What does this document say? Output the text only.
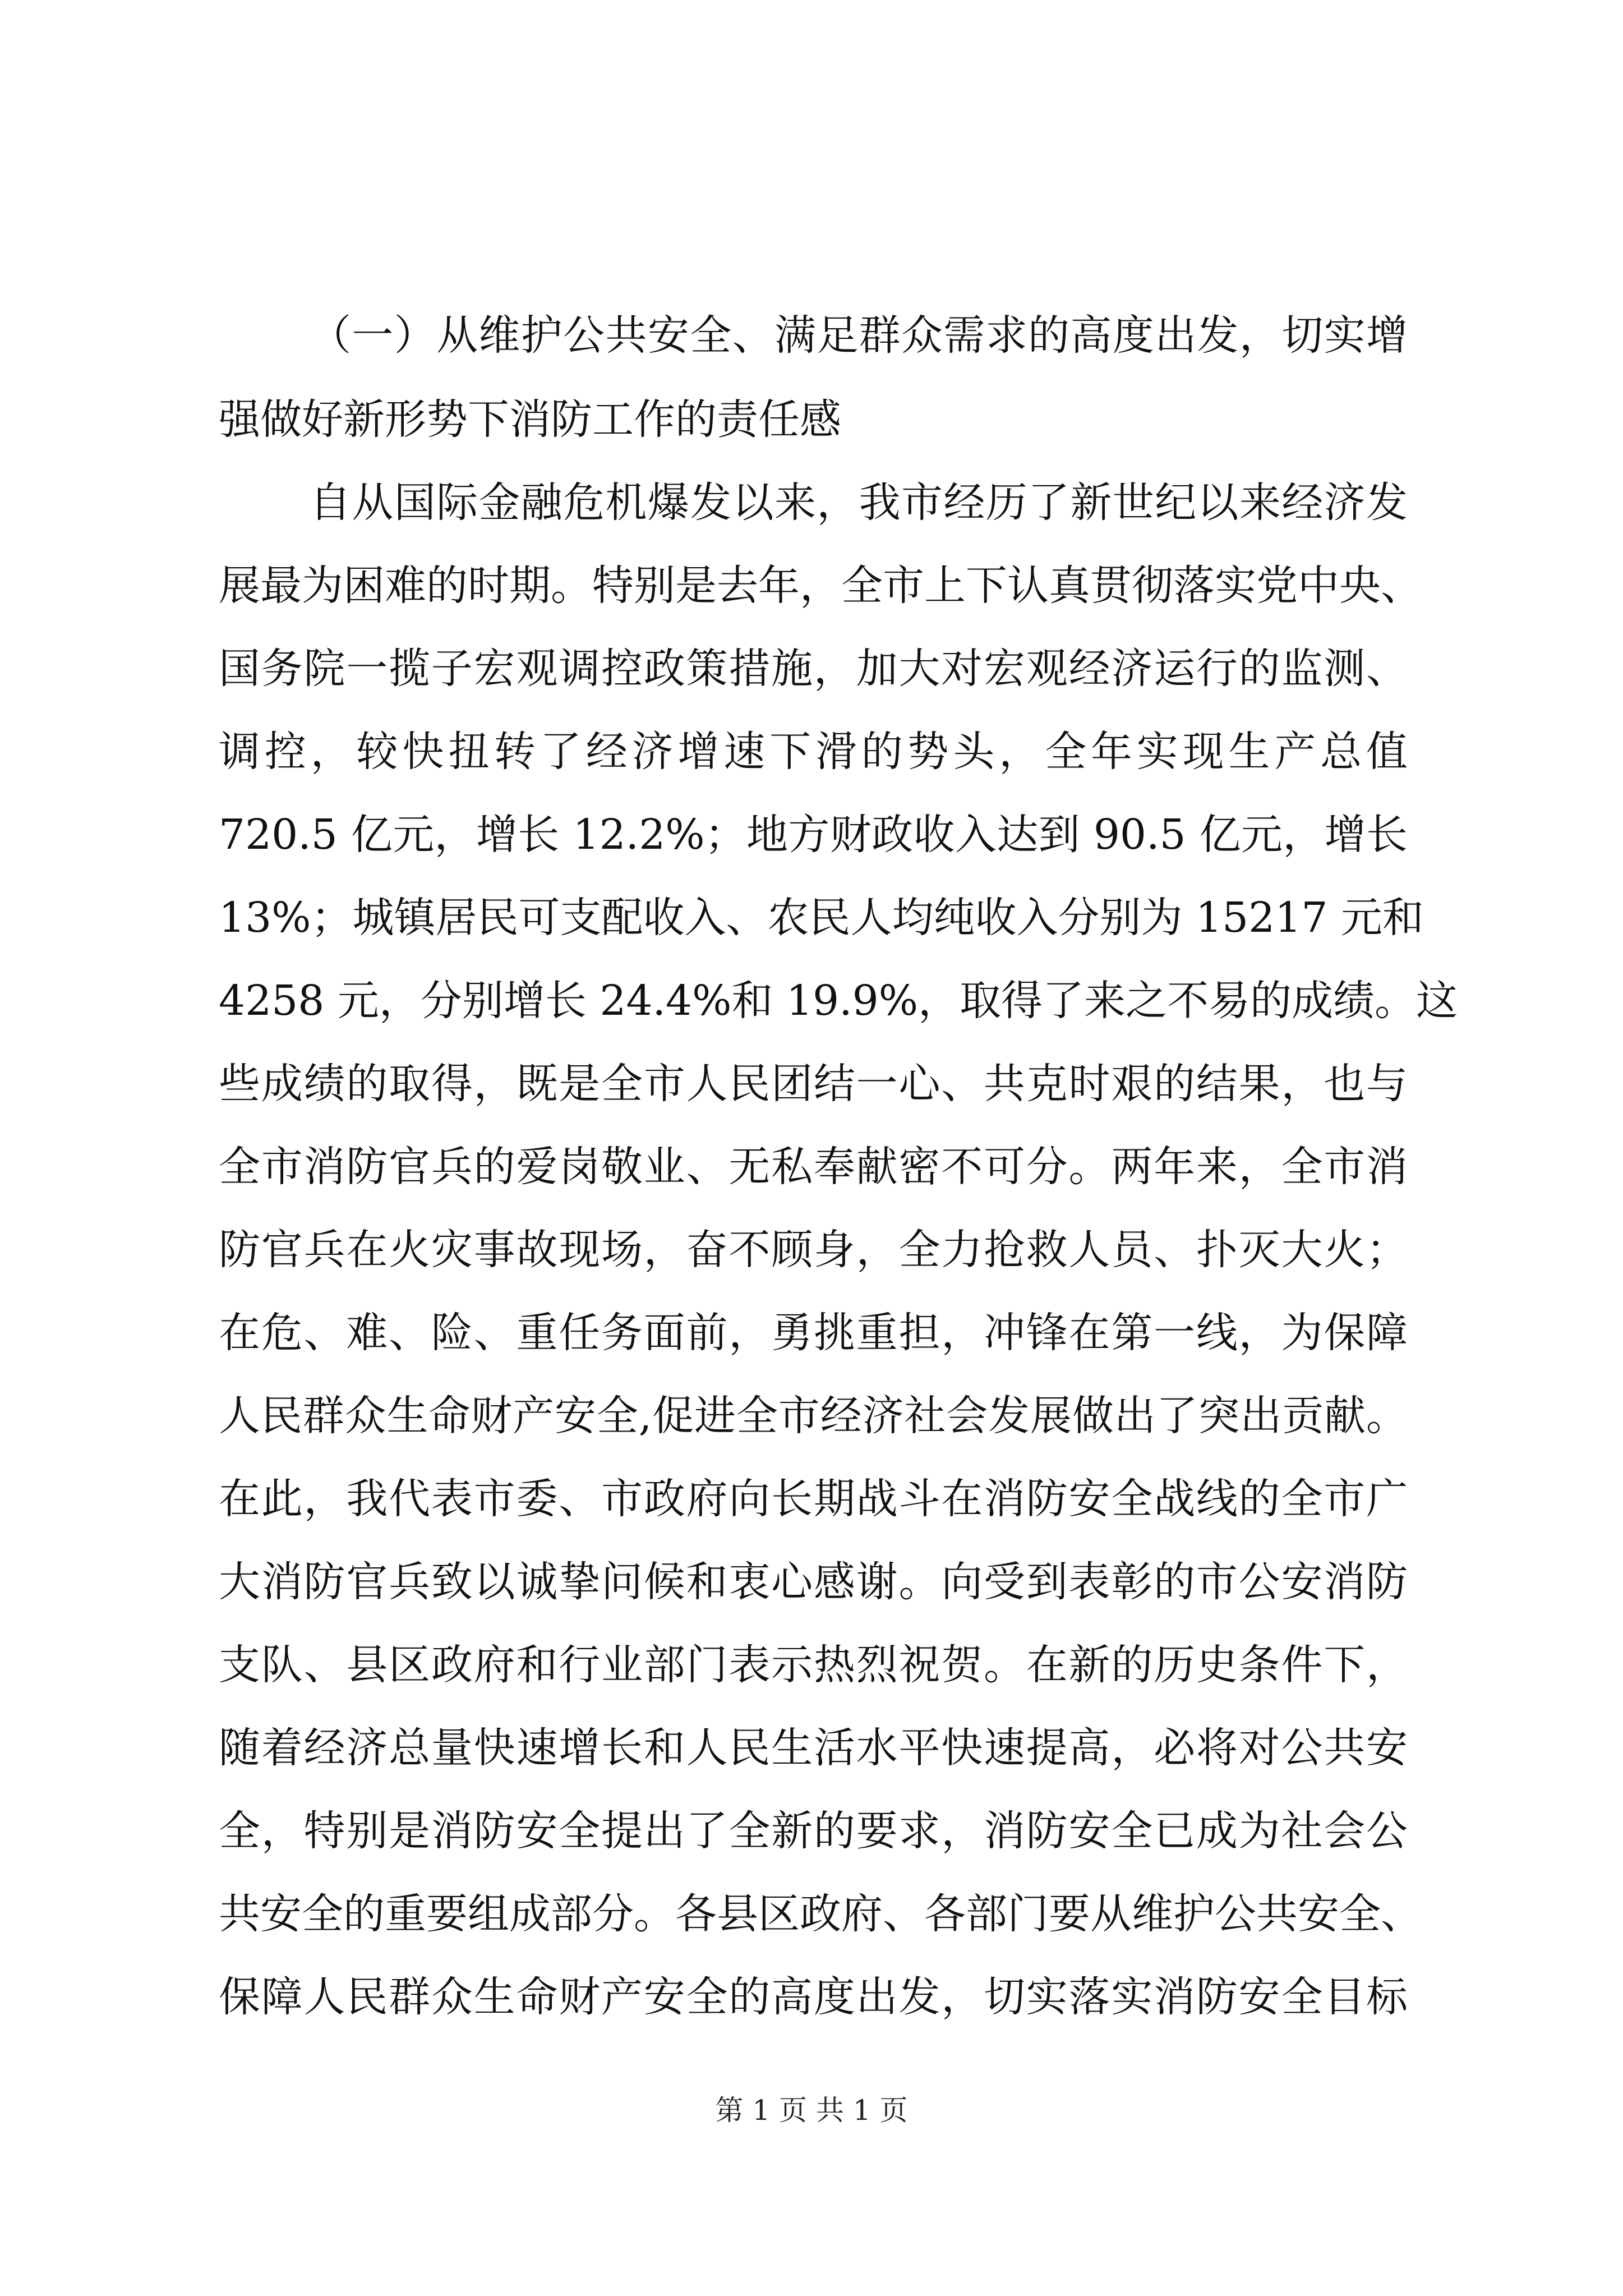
（一）从维护公共安全、满足群众需求的高度出发，切实增
强做好新形势下消防工作的责任感
自从国际金融危机爆发以来，我市经历了新世纪以来经济发
展最为困难的时期。特别是去年，全市上下认真贯彻落实党中央、
国务院一揽子宏观调控政策措施，加大对宏观经济运行的监测、
调控，较快扭转了经济增速下滑的势头，全年实现生产总值
720.5 亿元，增长 12.2%；地方财政收入达到 90.5 亿元，增长
13%；城镇居民可支配收入、农民人均纯收入分别为 15217 元和
4258 元，分别增长 24.4%和 19.9%，取得了来之不易的成绩。这
些成绩的取得，既是全市人民团结一心、共克时艰的结果，也与
全市消防官兵的爱岗敬业、无私奉献密不可分。两年来，全市消
防官兵在火灾事故现场，奋不顾身，全力抢救人员、扑灭大火；
在危、难、险、重任务面前，勇挑重担，冲锋在第一线，为保障
人民群众生命财产安全,促进全市经济社会发展做出了突出贡献。
在此，我代表市委、市政府向长期战斗在消防安全战线的全市广
大消防官兵致以诚挚问候和衷心感谢。向受到表彰的市公安消防
支队、县区政府和行业部门表示热烈祝贺。在新的历史条件下，
随着经济总量快速增长和人民生活水平快速提高，必将对公共安
全，特别是消防安全提出了全新的要求，消防安全已成为社会公
共安全的重要组成部分。各县区政府、各部门要从维护公共安全、
保障人民群众生命财产安全的高度出发，切实落实消防安全目标
第 1 页 共 1 页
